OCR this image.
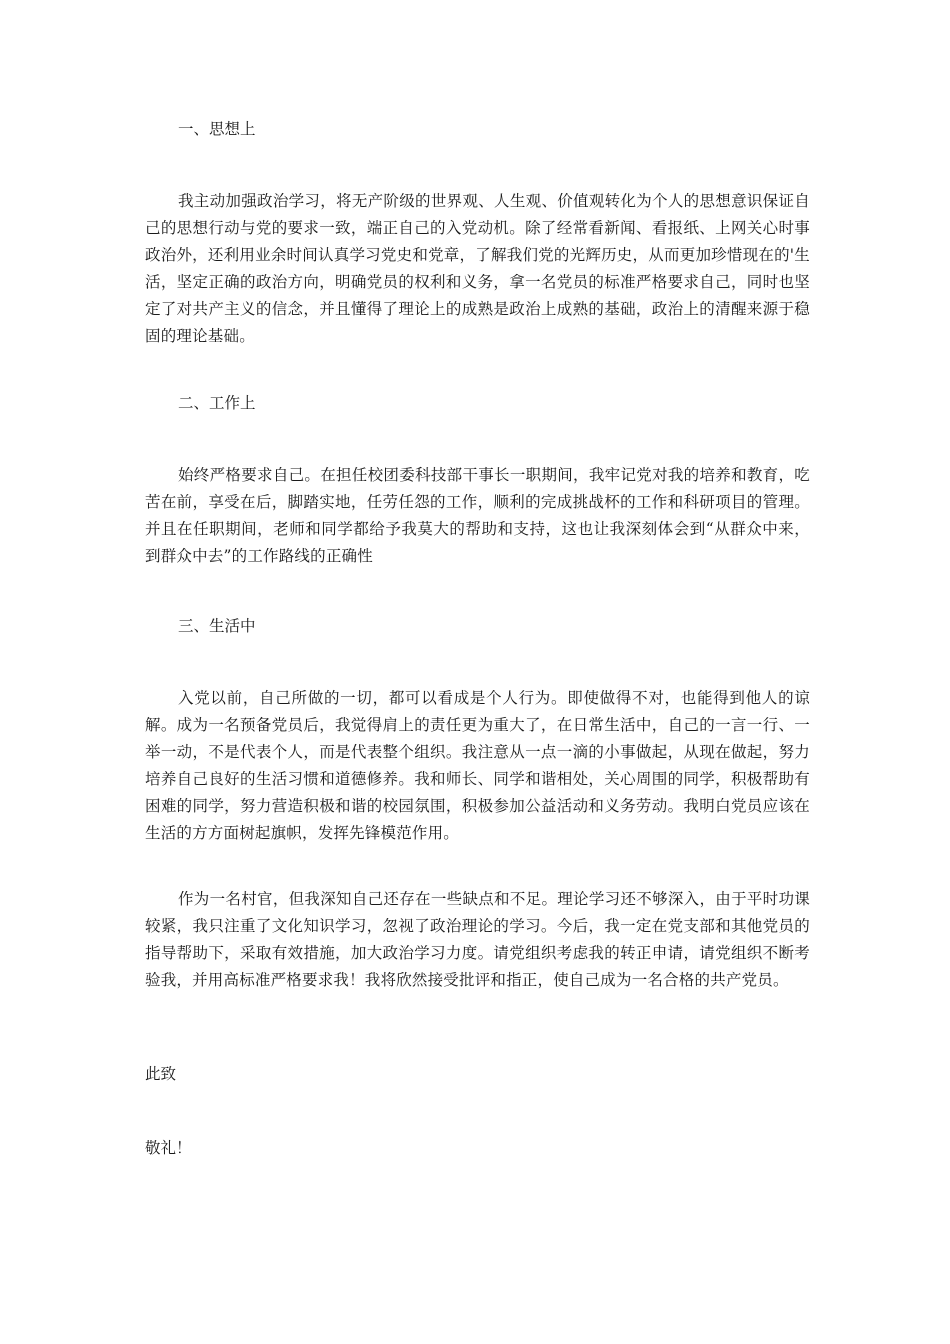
一、思想上

我主动加强政治学习，将无产阶级的世界观、人生观、价值观转化为个人的思想意识保证自己的思想行动与党的要求一致，端正自己的入党动机。除了经常看新闻、看报纸、上网关心时事政治外，还利用业余时间认真学习党史和党章，了解我们党的光辉历史，从而更加珍惜现在的'生活，坚定正确的政治方向，明确党员的权利和义务，拿一名党员的标准严格要求自己，同时也坚定了对共产主义的信念，并且懂得了理论上的成熟是政治上成熟的基础，政治上的清醒来源于稳固的理论基础。

二、工作上

始终严格要求自己。在担任校团委科技部干事长一职期间，我牢记党对我的培养和教育，吃苦在前，享受在后，脚踏实地，任劳任怨的工作，顺利的完成挑战杯的工作和科研项目的管理。并且在任职期间，老师和同学都给予我莫大的帮助和支持，这也让我深刻体会到“从群众中来，到群众中去”的工作路线的正确性

三、生活中

入党以前，自己所做的一切，都可以看成是个人行为。即使做得不对，也能得到他人的谅解。成为一名预备党员后，我觉得肩上的责任更为重大了，在日常生活中，自己的一言一行、一举一动，不是代表个人，而是代表整个组织。我注意从一点一滴的小事做起，从现在做起，努力培养自己良好的生活习惯和道德修养。我和师长、同学和谐相处，关心周围的同学，积极帮助有困难的同学，努力营造积极和谐的校园氛围，积极参加公益活动和义务劳动。我明白党员应该在生活的方方面树起旗帜，发挥先锋模范作用。

作为一名村官，但我深知自己还存在一些缺点和不足。理论学习还不够深入，由于平时功课较紧，我只注重了文化知识学习，忽视了政治理论的学习。今后，我一定在党支部和其他党员的指导帮助下，采取有效措施，加大政治学习力度。请党组织考虑我的转正申请，请党组织不断考验我，并用高标准严格要求我！我将欣然接受批评和指正，使自己成为一名合格的共产党员。

此致

敬礼！
